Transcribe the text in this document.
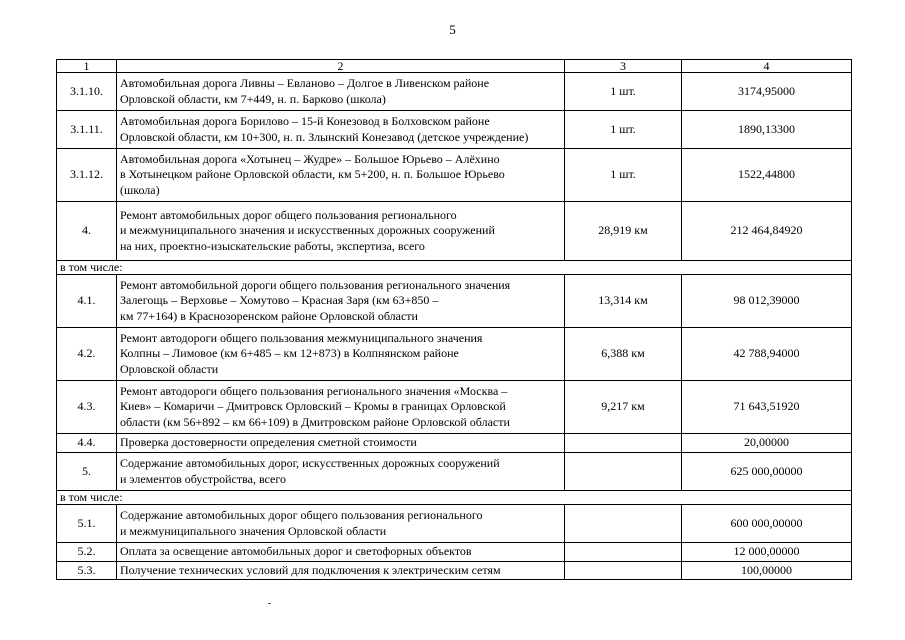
5
1	2	3	4
3.1.10.	Автомобильная дорога Ливны – Евланово – Долгое в Ливенском районе
Орловской области, км 7+449, н. п. Барково (школа)	1 шт.	3174,95000
3.1.11.	Автомобильная дорога Борилово – 15-й Конезовод в Болховском районе
Орловской области, км 10+300, н. п. Злынский Конезавод (детское учреждение)	1 шт.	1890,13300
3.1.12.	Автомобильная дорога «Хотынец – Жудре» – Большое Юрьево – Алёхино
в Хотынецком районе Орловской области, км 5+200, н. п. Большое Юрьево
(школа)	1 шт.	1522,44800
4.	Ремонт автомобильных дорог общего пользования регионального
и межмуниципального значения и искусственных дорожных сооружений
на них, проектно-изыскательские работы, экспертиза, всего	28,919 км	212 464,84920
в том числе:			
4.1.	Ремонт автомобильной дороги общего пользования регионального значения
Залегощь – Верховье – Хомутово – Красная Заря (км 63+850 –
км 77+164) в Краснозоренском районе Орловской области	13,314 км	98 012,39000
4.2.	Ремонт автодороги общего пользования межмуниципального значения
Колпны – Лимовое (км 6+485 – км 12+873) в Колпнянском районе
Орловской области	6,388 км	42 788,94000
4.3.	Ремонт автодороги общего пользования регионального значения «Москва –
Киев» – Комаричи – Дмитровск Орловский – Кромы в границах Орловской
области (км 56+892 – км 66+109) в Дмитровском районе Орловской области	9,217 км	71 643,51920
4.4.	Проверка достоверности определения сметной стоимости		20,00000
5.	Содержание автомобильных дорог, искусственных дорожных сооружений
и элементов обустройства, всего		625 000,00000
в том числе:			
5.1.	Содержание автомобильных дорог общего пользования регионального
и межмуниципального значения Орловской области		600 000,00000
5.2.	Оплата за освещение автомобильных дорог и светофорных объектов		12 000,00000
5.3.	Получение технических условий для подключения к электрическим сетям		100,00000
